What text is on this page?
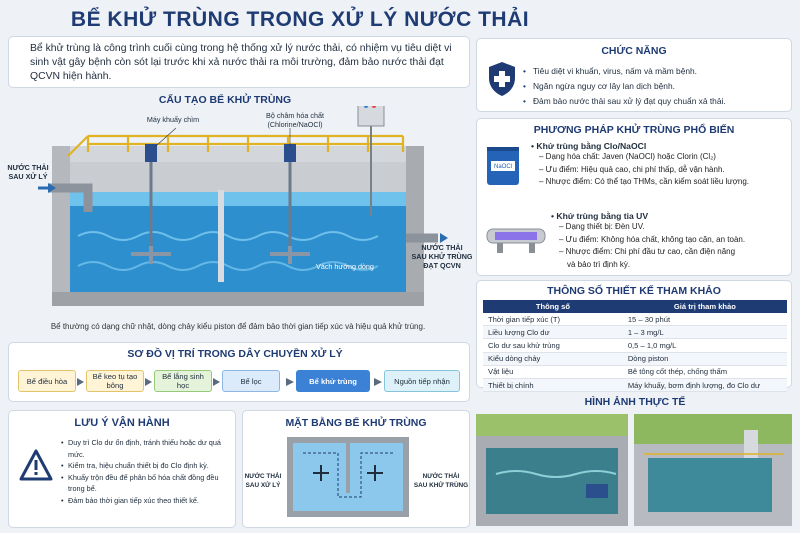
BỂ KHỬ TRÙNG TRONG XỬ LÝ NƯỚC THẢI
Bể khử trùng là công trình cuối cùng trong hệ thống xử lý nước thải, có nhiệm vụ tiêu diệt vi sinh vật gây bệnh còn sót lại trước khi xả nước thải ra môi trường, đảm bảo nước thải đạt QCVN hiện hành.
CẤU TẠO BỂ KHỬ TRÙNG
Máy khuấy chìm	Bộ châm hóa chất
(Chlorine/NaOCl)
NƯỚC THẢI
SAU XỬ LÝ
Vách hướng dòng
NƯỚC THẢI
SAU KHỬ TRÙNG
ĐẠT QCVN
Bể thường có dạng chữ nhật, dòng chảy kiểu piston để đảm bảo thời gian tiếp xúc và hiệu quả khử trùng.
CHỨC NĂNG
• Tiêu diệt vi khuẩn, virus, nấm và mầm bệnh.
• Ngăn ngừa nguy cơ lây lan dịch bệnh.
• Đảm bảo nước thải sau xử lý đạt quy chuẩn xả thải.
PHƯƠNG PHÁP KHỬ TRÙNG PHỔ BIẾN
NaOCl
• Khử trùng bằng Clo/NaOCl
– Dạng hóa chất: Javen (NaOCl) hoặc Clorin (Cl₂)
– Ưu điểm: Hiệu quả cao, chi phí thấp, dễ vận hành.
– Nhược điểm: Có thể tạo THMs, cần kiểm soát liều lượng.
• Khử trùng bằng tia UV
– Dạng thiết bị: Đèn UV.
– Ưu điểm: Không hóa chất, không tạo cặn, an toàn.
– Nhược điểm: Chi phí đầu tư cao, cần điện năng
và bảo trì định kỳ.
THÔNG SỐ THIẾT KẾ THAM KHẢO
Thông số	Giá trị tham khảo
Thời gian tiếp xúc (T)	15 – 30 phút
Liều lượng Clo dư	1 – 3 mg/L
Clo dư sau khử trùng	0,5 – 1,0 mg/L
Kiểu dòng chảy	Dòng piston
Vật liệu	Bê tông cốt thép, chống thấm
Thiết bị chính	Máy khuấy, bơm định lượng, đo Clo dư
SƠ ĐỒ VỊ TRÍ TRONG DÂY CHUYỀN XỬ LÝ
Bể điều hòa	Bể keo tụ tạo bông
Bể lắng sinh học	Bể lọc	Bể khử trùng	Nguồn tiếp nhận
LƯU Ý VẬN HÀNH
• Duy trì Clo dư ổn định, tránh thiếu hoặc dư quá mức.
• Kiểm tra, hiệu chuẩn thiết bị đo Clo định kỳ.
• Khuấy trộn đều để phân bố hóa chất đồng đều trong bể.
• Đảm bảo thời gian tiếp xúc theo thiết kế.
MẶT BẰNG BỂ KHỬ TRÙNG
NƯỚC THẢI
SAU XỬ LÝ
NƯỚC THẢI
SAU KHỬ TRÙNG
HÌNH ẢNH THỰC TẾ
